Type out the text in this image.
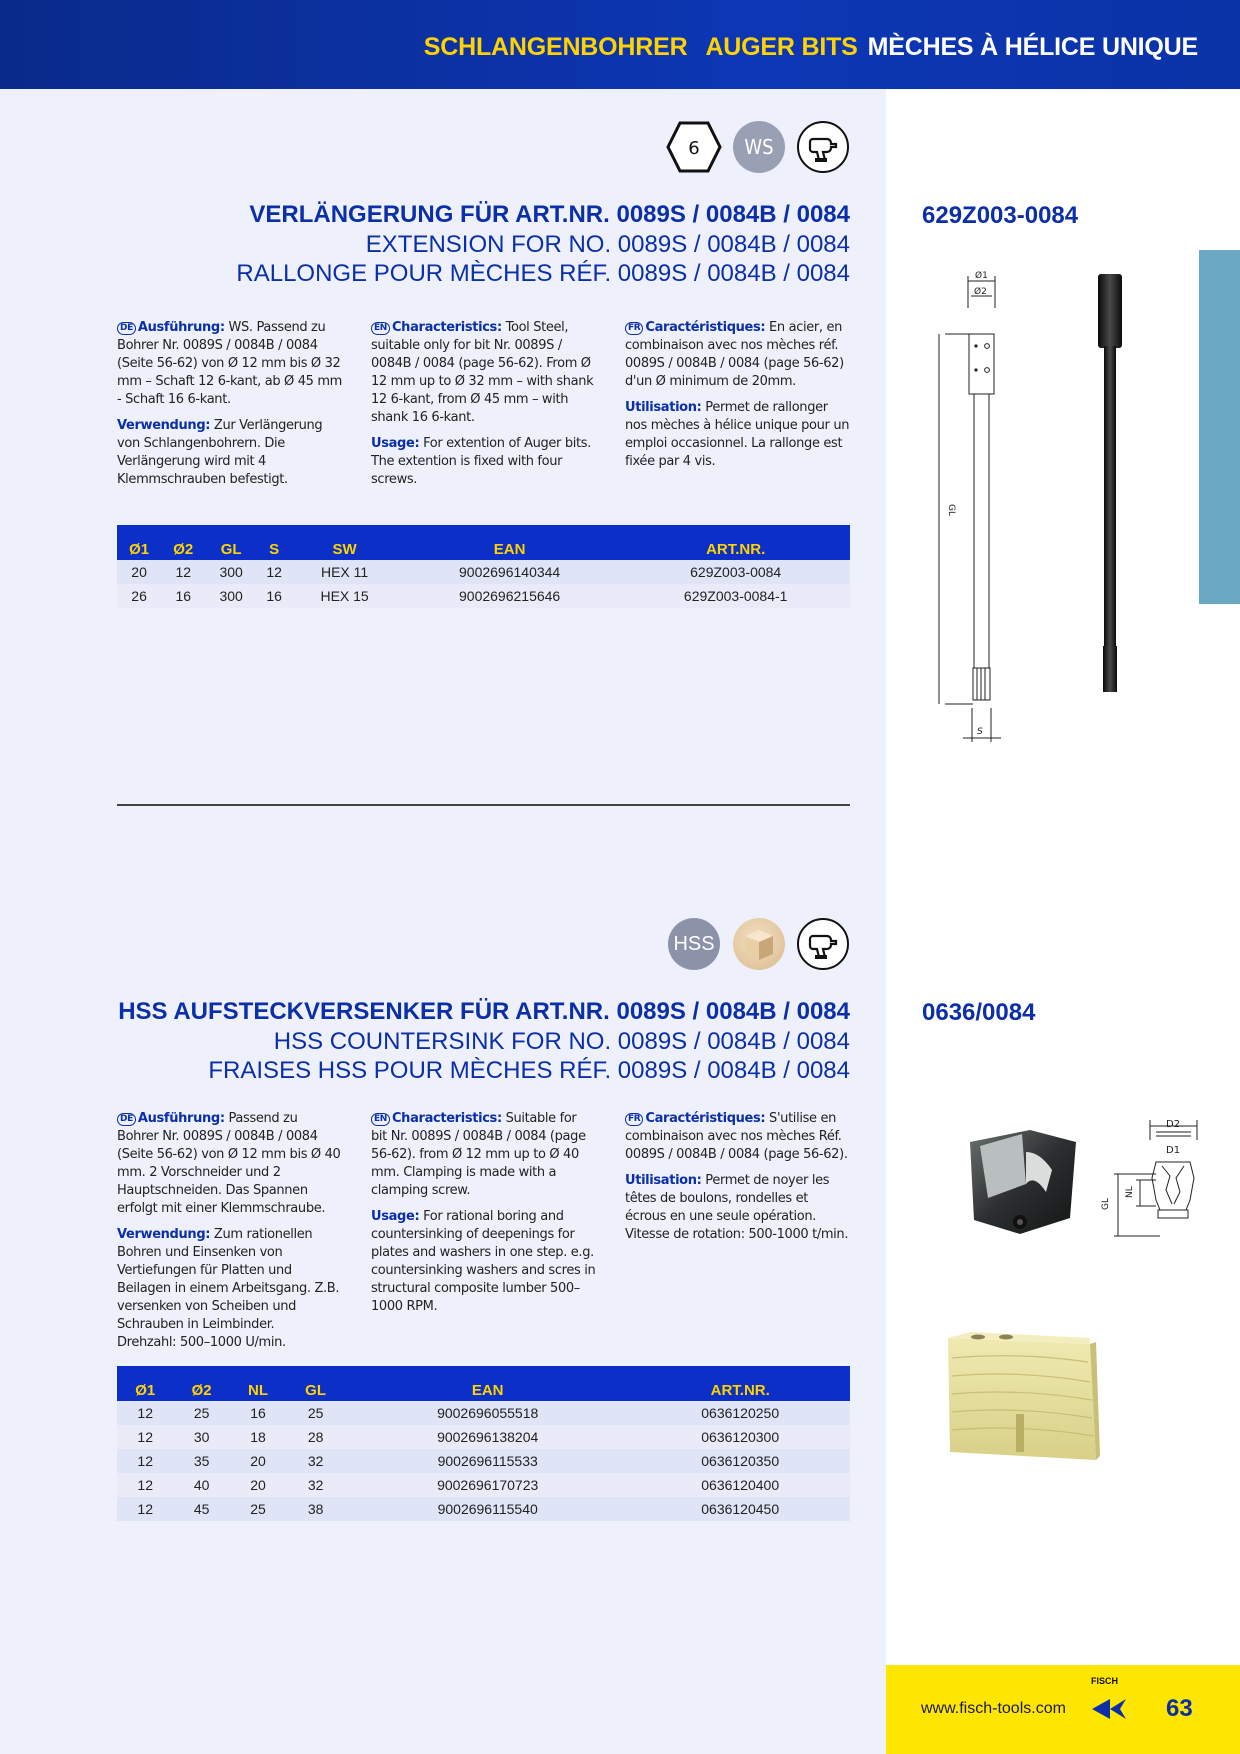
SCHLANGENBOHRER AUGER BITS MÈCHES À HÉLICE UNIQUE
6 WS
VERLÄNGERUNG FÜR ART.NR. 0089S / 0084B / 0084
EXTENSION FOR NO. 0089S / 0084B / 0084
RALLONGE POUR MÈCHES RÉF. 0089S / 0084B / 0084
629Z003-0084

DE Ausführung: WS. Passend zu Bohrer Nr. 0089S / 0084B / 0084 (Seite 56-62) von Ø 12 mm bis Ø 32 mm – Schaft 12 6-kant, ab Ø 45 mm - Schaft 16 6-kant.

Verwendung: Zur Verlängerung von Schlangenbohrern. Die Verlängerung wird mit 4 Klemmschrauben befestigt.

EN Characteristics: Tool Steel, suitable only for bit Nr. 0089S / 0084B / 0084 (page 56-62). From Ø 12 mm up to Ø 32 mm – with shank 12 6-kant, from Ø 45 mm – with shank 16 6-kant.

Usage: For extention of Auger bits. The extention is fixed with four screws.

FR Caractéristiques: En acier, en combinaison avec nos mèches réf. 0089S / 0084B / 0084 (page 56-62) d'un Ø minimum de 20mm.

Utilisation: Permet de rallonger nos mèches à hélice unique pour un emploi occasionnel. La rallonge est fixée par 4 vis.

Ø1	Ø2	GL	S	SW	EAN	ART.NR.
20	12	300	12	HEX 11	9002696140344	629Z003-0084
26	16	300	16	HEX 15	9002696215646	629Z003-0084-1
Ø1
Ø2
GL
S
HSS
HSS AUFSTECKVERSENKER FÜR ART.NR. 0089S / 0084B / 0084
HSS COUNTERSINK FOR NO. 0089S / 0084B / 0084
FRAISES HSS POUR MÈCHES RÉF. 0089S / 0084B / 0084
0636/0084

DE Ausführung: Passend zu Bohrer Nr. 0089S / 0084B / 0084 (Seite 56-62) von Ø 12 mm bis Ø 40 mm. 2 Vorschneider und 2 Hauptschneiden. Das Spannen erfolgt mit einer Klemmschraube.

Verwendung: Zum rationellen Bohren und Einsenken von Vertiefungen für Platten und Beilagen in einem Arbeitsgang. Z.B. versenken von Scheiben und Schrauben in Leimbinder.
Drehzahl: 500–1000 U/min.

EN Characteristics: Suitable for bit Nr. 0089S / 0084B / 0084 (page 56-62). from Ø 12 mm up to Ø 40 mm. Clamping is made with a clamping screw.

Usage: For rational boring and countersinking of deepenings for plates and washers in one step. e.g. countersinking washers and scres in structural composite lumber 500–1000 RPM.

FR Caractéristiques: S'utilise en combinaison avec nos mèches Réf. 0089S / 0084B / 0084 (page 56-62).

Utilisation: Permet de noyer les têtes de boulons, rondelles et écrous en une seule opération.
Vitesse de rotation: 500-1000 t/min.

Ø1	Ø2	NL	GL	EAN	ART.NR.
12	25	16	25	9002696055518	0636120250
12	30	18	28	9002696138204	0636120300
12	35	20	32	9002696115533	0636120350
12	40	20	32	9002696170723	0636120400
12	45	25	38	9002696115540	0636120450
D2
D1
GL
NL
www.fisch-tools.com
FISCH
63
